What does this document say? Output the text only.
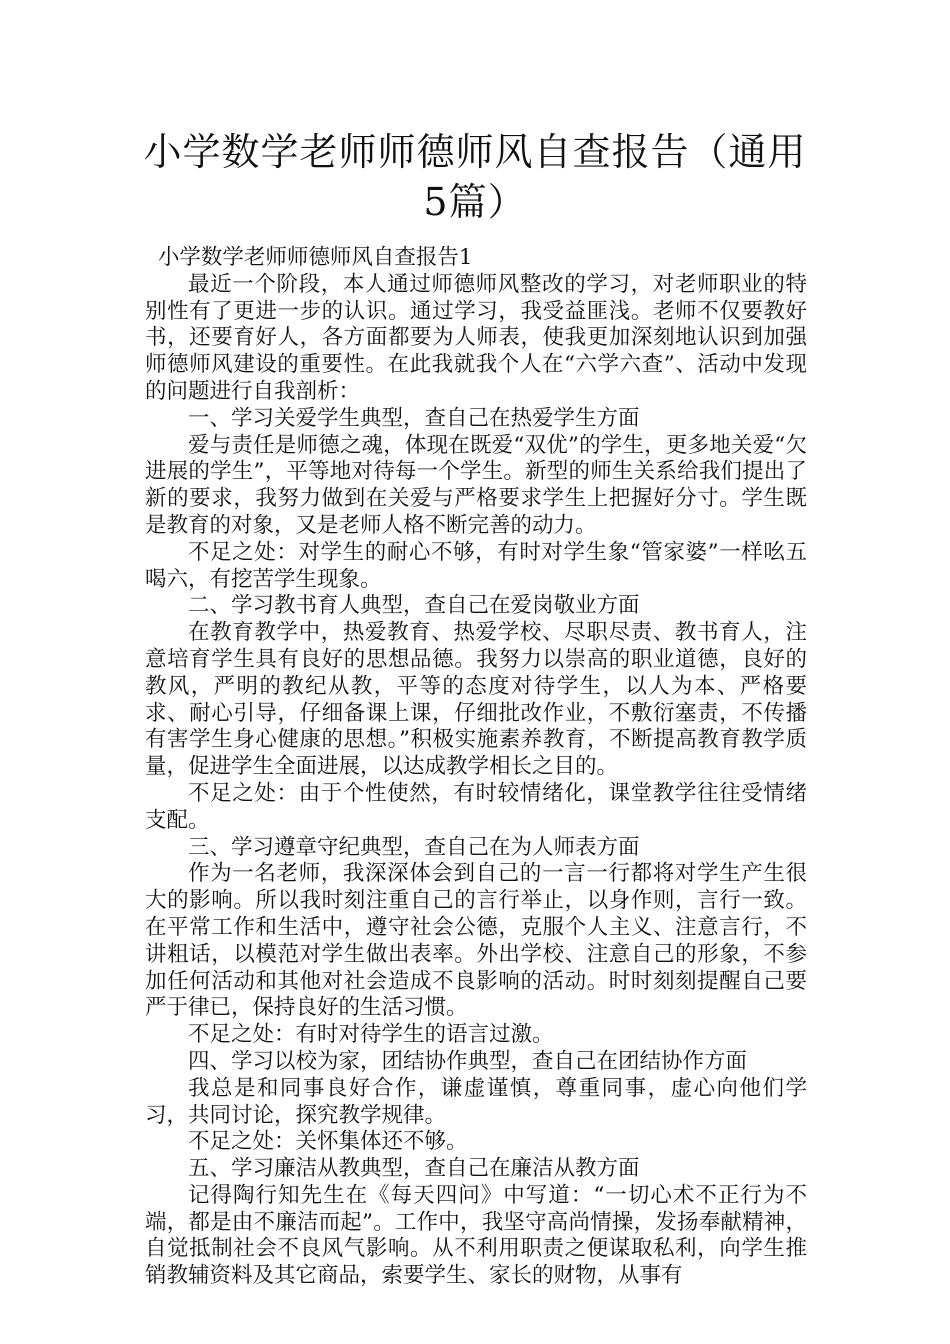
小学数学老师师德师风自查报告（通用5篇）

小学数学老师师德师风自查报告1

最近一个阶段，本人通过师德师风整改的学习，对老师职业的特别性有了更进一步的认识。通过学习，我受益匪浅。老师不仅要教好书，还要育好人，各方面都要为人师表，使我更加深刻地认识到加强师德师风建设的重要性。在此我就我个人在“六学六查”、活动中发现的问题进行自我剖析：

一、学习关爱学生典型，查自己在热爱学生方面

爱与责任是师德之魂，体现在既爱“双优”的学生，更多地关爱“欠进展的学生”，平等地对待每一个学生。新型的师生关系给我们提出了新的要求，我努力做到在关爱与严格要求学生上把握好分寸。学生既是教育的对象，又是老师人格不断完善的动力。

不足之处：对学生的耐心不够，有时对学生象“管家婆”一样吆五喝六，有挖苦学生现象。

二、学习教书育人典型，查自己在爱岗敬业方面

在教育教学中，热爱教育、热爱学校、尽职尽责、教书育人，注意培育学生具有良好的思想品德。我努力以崇高的职业道德，良好的教风，严明的教纪从教，平等的态度对待学生，以人为本、严格要求、耐心引导，仔细备课上课，仔细批改作业，不敷衍塞责，不传播有害学生身心健康的思想。”积极实施素养教育，不断提高教育教学质量，促进学生全面进展，以达成教学相长之目的。

不足之处：由于个性使然，有时较情绪化，课堂教学往往受情绪支配。

三、学习遵章守纪典型，查自己在为人师表方面

作为一名老师，我深深体会到自己的一言一行都将对学生产生很大的影响。所以我时刻注重自己的言行举止，以身作则，言行一致。在平常工作和生活中，遵守社会公德，克服个人主义、注意言行，不讲粗话，以模范对学生做出表率。外出学校、注意自己的形象，不参加任何活动和其他对社会造成不良影响的活动。时时刻刻提醒自己要严于律已，保持良好的生活习惯。

不足之处：有时对待学生的语言过激。

四、学习以校为家，团结协作典型，查自己在团结协作方面

我总是和同事良好合作，谦虚谨慎，尊重同事，虚心向他们学习，共同讨论，探究教学规律。

不足之处：关怀集体还不够。

五、学习廉洁从教典型，查自己在廉洁从教方面

记得陶行知先生在《每天四问》中写道：“一切心术不正行为不端，都是由不廉洁而起”。工作中，我坚守高尚情操，发扬奉献精神，自觉抵制社会不良风气影响。从不利用职责之便谋取私利，向学生推销教辅资料及其它商品，索要学生、家长的财物，从事有
